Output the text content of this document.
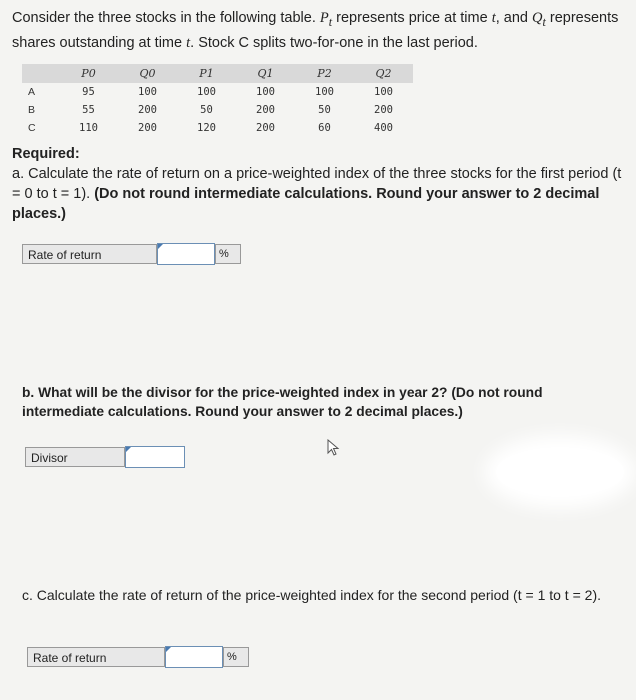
Consider the three stocks in the following table. $P_t$ represents price at time t, and $Q_t$ represents shares outstanding at time t. Stock C splits two-for-one in the last period.
	P0	Q0	P1	Q1	P2	Q2
A	95	100	100	100	100	100
B	55	200	50	200	50	200
C	110	200	120	200	60	400
Required:
a. Calculate the rate of return on a price-weighted index of the three stocks for the first period (t = 0 to t = 1). (Do not round intermediate calculations. Round your answer to 2 decimal places.)
Rate of return	%
b. What will be the divisor for the price-weighted index in year 2? (Do not round intermediate calculations. Round your answer to 2 decimal places.)
Divisor
c. Calculate the rate of return of the price-weighted index for the second period (t = 1 to t = 2).
Rate of return	%
